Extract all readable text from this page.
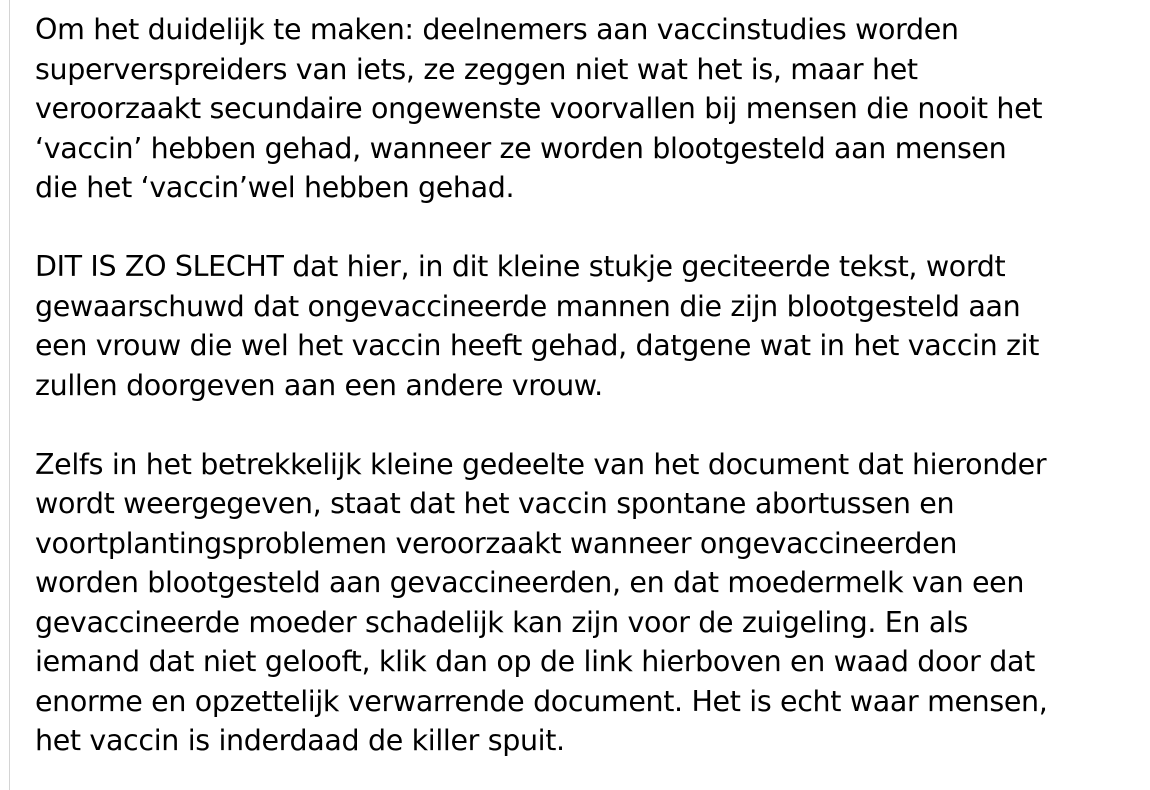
Om het duidelijk te maken: deelnemers aan vaccinstudies worden
superverspreiders van iets, ze zeggen niet wat het is, maar het
veroorzaakt secundaire ongewenste voorvallen bij mensen die nooit het
‘vaccin’ hebben gehad, wanneer ze worden blootgesteld aan mensen
die het ‘vaccin’wel hebben gehad.
DIT IS ZO SLECHT dat hier, in dit kleine stukje geciteerde tekst, wordt
gewaarschuwd dat ongevaccineerde mannen die zijn blootgesteld aan
een vrouw die wel het vaccin heeft gehad, datgene wat in het vaccin zit
zullen doorgeven aan een andere vrouw.
Zelfs in het betrekkelijk kleine gedeelte van het document dat hieronder
wordt weergegeven, staat dat het vaccin spontane abortussen en
voortplantingsproblemen veroorzaakt wanneer ongevaccineerden
worden blootgesteld aan gevaccineerden, en dat moedermelk van een
gevaccineerde moeder schadelijk kan zijn voor de zuigeling. En als
iemand dat niet gelooft, klik dan op de link hierboven en waad door dat
enorme en opzettelijk verwarrende document. Het is echt waar mensen,
het vaccin is inderdaad de killer spuit.
